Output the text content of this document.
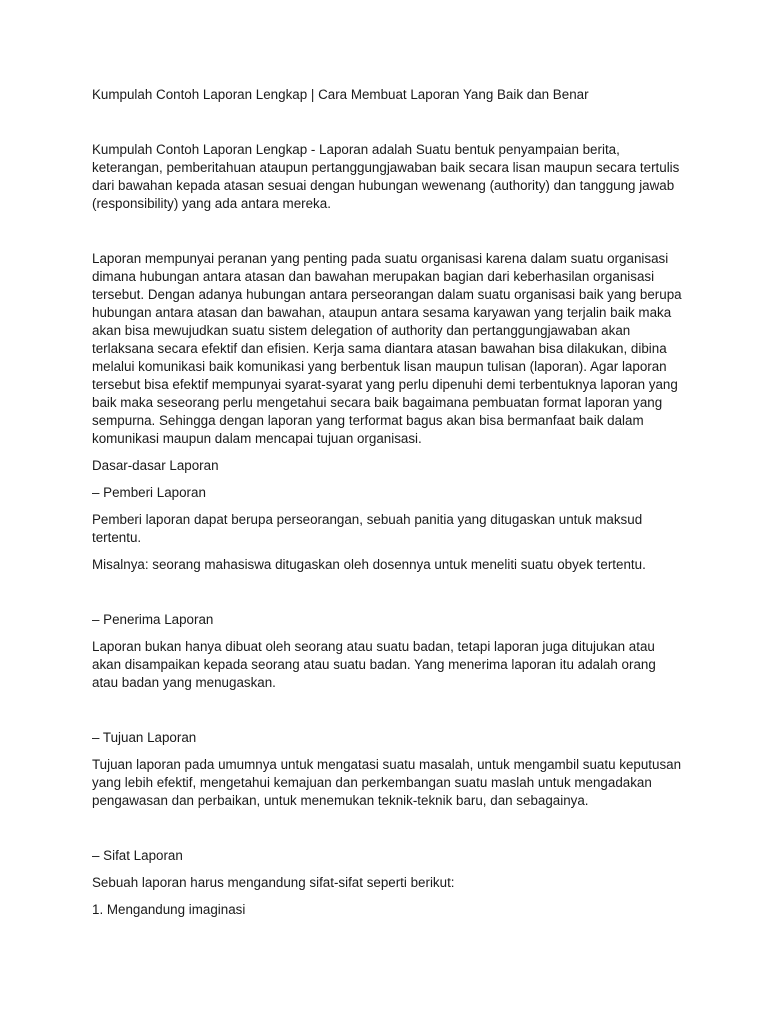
Kumpulah Contoh Laporan Lengkap | Cara Membuat Laporan Yang Baik dan Benar

Kumpulah Contoh Laporan Lengkap - Laporan adalah Suatu bentuk penyampaian berita, keterangan, pemberitahuan ataupun pertanggungjawaban baik secara lisan maupun secara tertulis dari bawahan kepada atasan sesuai dengan hubungan wewenang (authority) dan tanggung jawab (responsibility) yang ada antara mereka.

Laporan mempunyai peranan yang penting pada suatu organisasi karena dalam suatu organisasi dimana hubungan antara atasan dan bawahan merupakan bagian dari keberhasilan organisasi tersebut. Dengan adanya hubungan antara perseorangan dalam suatu organisasi baik yang berupa hubungan antara atasan dan bawahan, ataupun antara sesama karyawan yang terjalin baik maka akan bisa mewujudkan suatu sistem delegation of authority dan pertanggungjawaban akan terlaksana secara efektif dan efisien. Kerja sama diantara atasan bawahan bisa dilakukan, dibina melalui komunikasi baik komunikasi yang berbentuk lisan maupun tulisan (laporan). Agar laporan tersebut bisa efektif mempunyai syarat-syarat yang perlu dipenuhi demi terbentuknya laporan yang baik maka seseorang perlu mengetahui secara baik bagaimana pembuatan format laporan yang sempurna. Sehingga dengan laporan yang terformat bagus akan bisa bermanfaat baik dalam komunikasi maupun dalam mencapai tujuan organisasi.

Dasar-dasar Laporan

– Pemberi Laporan

Pemberi laporan dapat berupa perseorangan, sebuah panitia yang ditugaskan untuk maksud tertentu.

Misalnya: seorang mahasiswa ditugaskan oleh dosennya untuk meneliti suatu obyek tertentu.

– Penerima Laporan

Laporan bukan hanya dibuat oleh seorang atau suatu badan, tetapi laporan juga ditujukan atau akan disampaikan kepada seorang atau suatu badan. Yang menerima laporan itu adalah orang atau badan yang menugaskan.

– Tujuan Laporan

Tujuan laporan pada umumnya untuk mengatasi suatu masalah, untuk mengambil suatu keputusan yang lebih efektif, mengetahui kemajuan dan perkembangan suatu maslah untuk mengadakan pengawasan dan perbaikan, untuk menemukan teknik-teknik baru, dan sebagainya.

– Sifat Laporan

Sebuah laporan harus mengandung sifat-sifat seperti berikut:

1. Mengandung imaginasi
